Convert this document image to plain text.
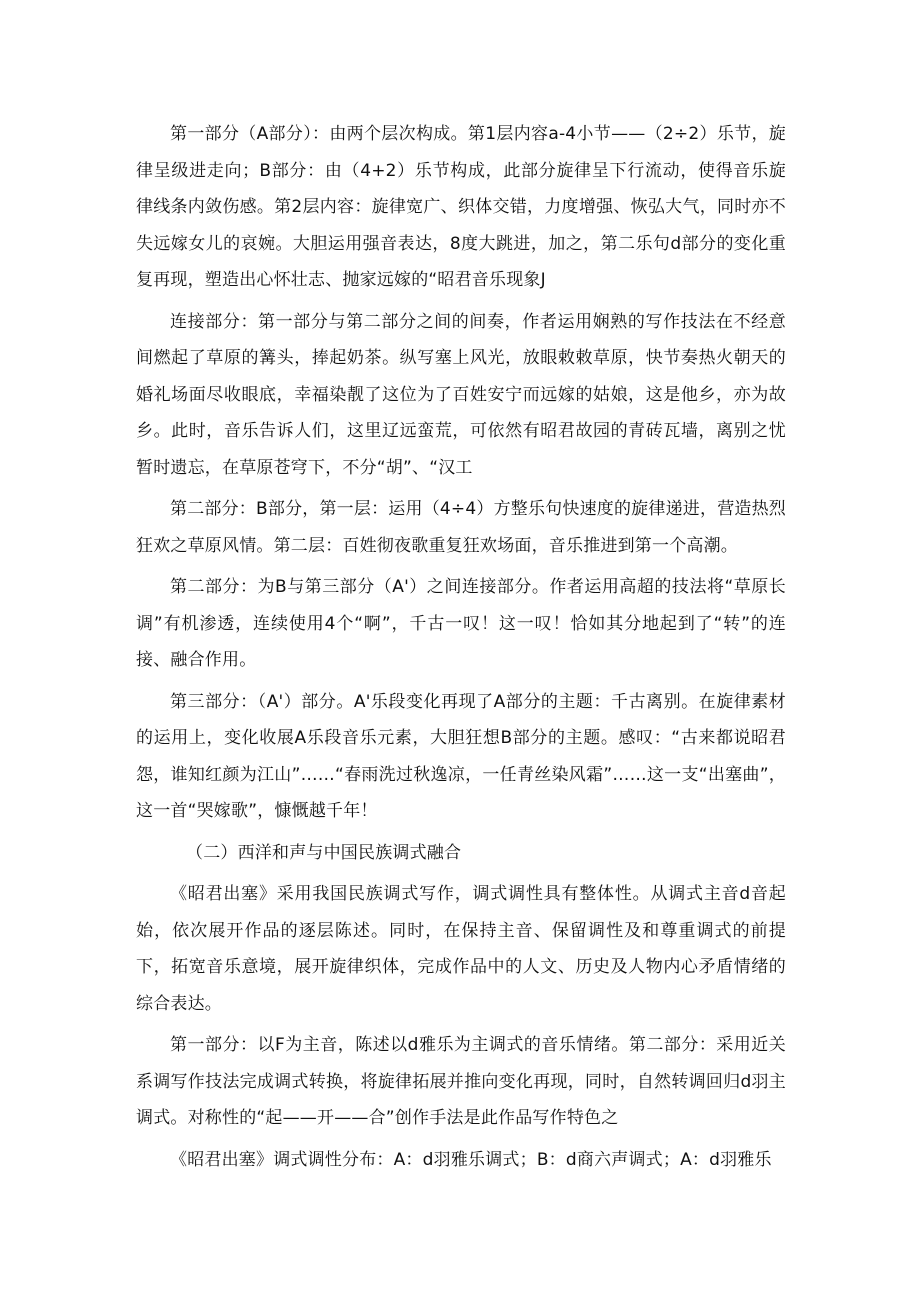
第一部分（A部分）：由两个层次构成。第1层内容a-4小节——（2÷2）乐节，旋律呈级进走向；B部分：由（4+2）乐节构成，此部分旋律呈下行流动，使得音乐旋律线条内敛伤感。第2层内容：旋律宽广、织体交错，力度增强、恢弘大气，同时亦不失远嫁女儿的哀婉。大胆运用强音表达，8度大跳进，加之，第二乐句d部分的变化重复再现，塑造出心怀壮志、抛家远嫁的“昭君音乐现象J

连接部分：第一部分与第二部分之间的间奏，作者运用娴熟的写作技法在不经意间燃起了草原的篝头，捧起奶茶。纵写塞上风光，放眼敕敕草原，快节奏热火朝天的婚礼场面尽收眼底，幸福染靓了这位为了百姓安宁而远嫁的姑娘，这是他乡，亦为故乡。此时，音乐告诉人们，这里辽远蛮荒，可依然有昭君故园的青砖瓦墙，离别之忧暂时遗忘，在草原苍穹下，不分“胡”、“汉工

第二部分：B部分，第一层：运用（4÷4）方整乐句快速度的旋律递进，营造热烈狂欢之草原风情。第二层：百姓彻夜歌重复狂欢场面，音乐推进到第一个高潮。

第二部分：为B与第三部分（A'）之间连接部分。作者运用高超的技法将“草原长调”有机渗透，连续使用4个“啊”，千古一叹！这一叹！恰如其分地起到了“转”的连接、融合作用。

第三部分：（A'）部分。A'乐段变化再现了A部分的主题：千古离别。在旋律素材的运用上，变化收展A乐段音乐元素，大胆狂想B部分的主题。感叹：“古来都说昭君怨，谁知红颜为江山”……“春雨洗过秋逸凉，一任青丝染风霜”……这一支“出塞曲”，这一首“哭嫁歌”，慷慨越千年！

（二）西洋和声与中国民族调式融合

《昭君出塞》采用我国民族调式写作，调式调性具有整体性。从调式主音d音起始，依次展开作品的逐层陈述。同时，在保持主音、保留调性及和尊重调式的前提下，拓宽音乐意境，展开旋律织体，完成作品中的人文、历史及人物内心矛盾情绪的综合表达。

第一部分：以F为主音，陈述以d雅乐为主调式的音乐情绪。第二部分：采用近关系调写作技法完成调式转换，将旋律拓展并推向变化再现，同时，自然转调回归d羽主调式。对称性的“起——开——合”创作手法是此作品写作特色之

《昭君出塞》调式调性分布：A：d羽雅乐调式；B：d商六声调式；A：d羽雅乐
